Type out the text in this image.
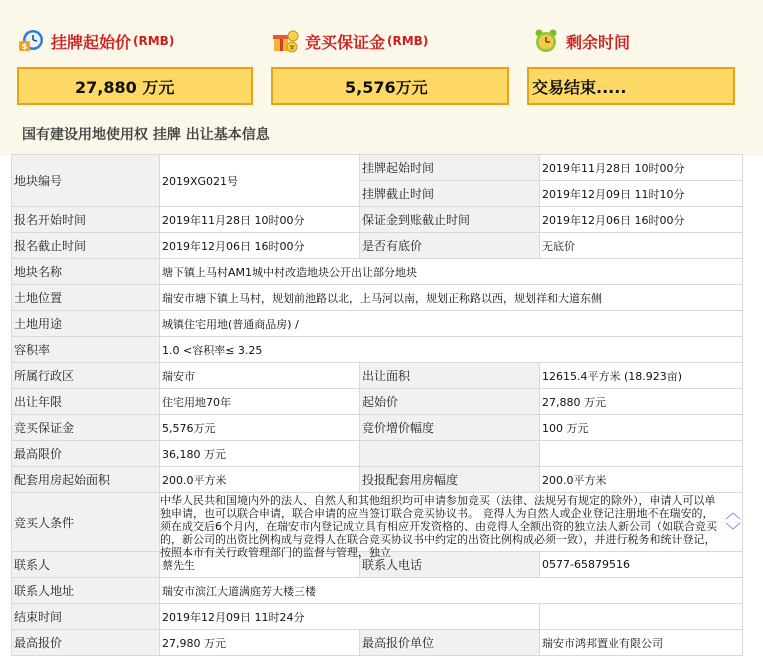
$ 挂牌起始价 (RMB)
27,880 万元
¥ 竞买保证金 (RMB)
5,576万元
剩余时间
交易结束.....
国有建设用地使用权 挂牌 出让基本信息
地块编号	2019XG021号	挂牌起始时间	2019年11月28日 10时00分
		挂牌截止时间	2019年12月09日 11时10分
报名开始时间	2019年11月28日 10时00分	保证金到账截止时间	2019年12月06日 16时00分
报名截止时间	2019年12月06日 16时00分	是否有底价	无底价
地块名称	塘下镇上马村AM1城中村改造地块公开出让部分地块		
土地位置	瑞安市塘下镇上马村，规划前池路以北，上马河以南，规划正称路以西，规划祥和大道东侧		
土地用途	城镇住宅用地(普通商品房) /		
容积率	1.0 <容积率≤ 3.25		
所属行政区	瑞安市	出让面积	12615.4平方米 (18.923亩)
出让年限	住宅用地70年	起始价	27,880 万元
竞买保证金	5,576万元	竞价增价幅度	100 万元
最高限价	36,180 万元		
配套用房起始面积	200.0平方米	投报配套用房幅度	200.0平方米
竞买人条件	中华人民共和国境内外的法人、自然人和其他组织均可申请参加竞买（法律、法规另有规定的除外），申请人可以单独申请，也可以联合申请，联合申请的应当签订联合竞买协议书。 竞得人为自然人或企业登记注册地不在瑞安的，须在成交后6个月内，在瑞安市内登记成立具有相应开发资格的、由竞得人全额出资的独立法人新公司（如联合竞买的，新公司的出资比例构成与竞得人在联合竞买协议书中约定的出资比例构成必须一致），并进行税务和统计登记，按照本市有关行政管理部门的监督与管理，独立
︿
﹀		

联系人	蔡先生	联系人电话	0577-65879516
联系人地址	瑞安市滨江大道满庭芳大楼三楼		
结束时间	2019年12月09日 11时24分		
最高报价	27,980 万元	最高报价单位	瑞安市鸿邦置业有限公司
